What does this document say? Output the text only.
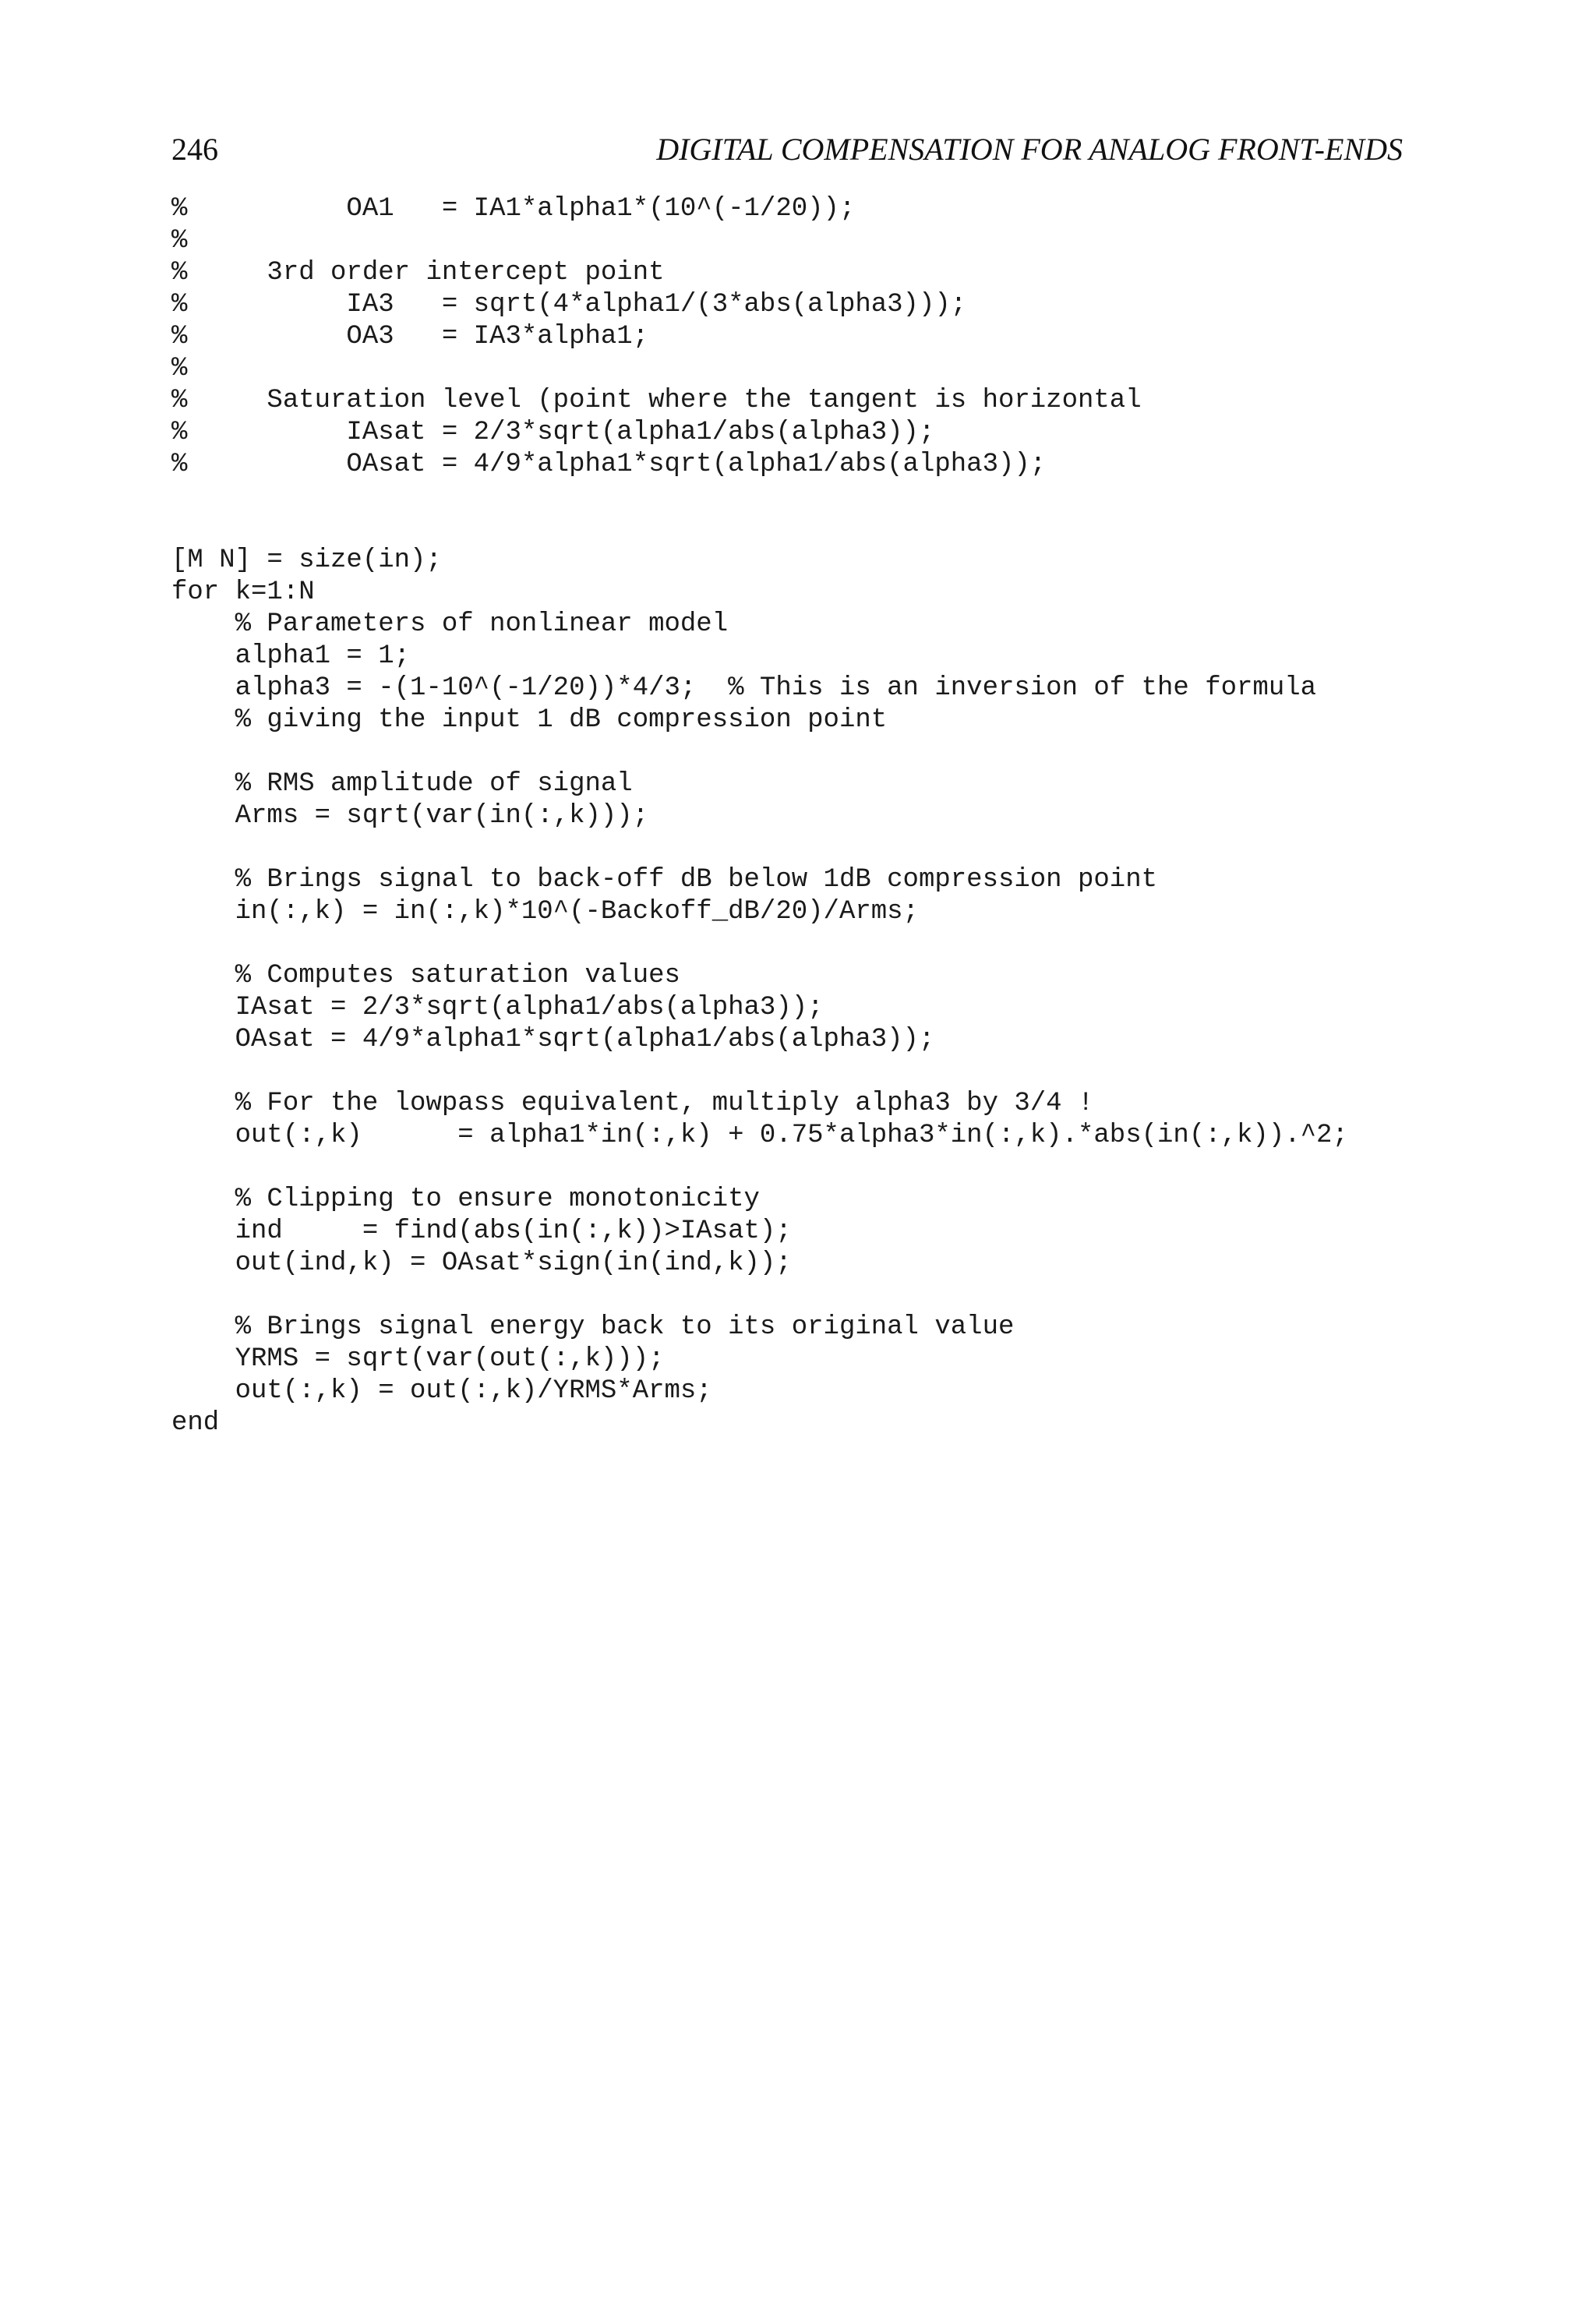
246	DIGITAL COMPENSATION FOR ANALOG FRONT-ENDS
%          OA1   = IA1*alpha1*(10^(-1/20));
%
%     3rd order intercept point
%          IA3   = sqrt(4*alpha1/(3*abs(alpha3)));
%          OA3   = IA3*alpha1;
%
%     Saturation level (point where the tangent is horizontal
%          IAsat = 2/3*sqrt(alpha1/abs(alpha3));
%          OAsat = 4/9*alpha1*sqrt(alpha1/abs(alpha3));
[M N] = size(in);
for k=1:N
% Parameters of nonlinear model
alpha1 = 1;
alpha3 = -(1-10^(-1/20))*4/3;  % This is an inversion of the formula
% giving the input 1 dB compression point
% RMS amplitude of signal
Arms = sqrt(var(in(:,k)));
% Brings signal to back-off dB below 1dB compression point
in(:,k) = in(:,k)*10^(-Backoff_dB/20)/Arms;
% Computes saturation values
IAsat = 2/3*sqrt(alpha1/abs(alpha3));
OAsat = 4/9*alpha1*sqrt(alpha1/abs(alpha3));
% For the lowpass equivalent, multiply alpha3 by 3/4 !
out(:,k)      = alpha1*in(:,k) + 0.75*alpha3*in(:,k).*abs(in(:,k)).^2;
% Clipping to ensure monotonicity
ind     = find(abs(in(:,k))>IAsat);
out(ind,k) = OAsat*sign(in(ind,k));
% Brings signal energy back to its original value
YRMS = sqrt(var(out(:,k)));
out(:,k) = out(:,k)/YRMS*Arms;
end
